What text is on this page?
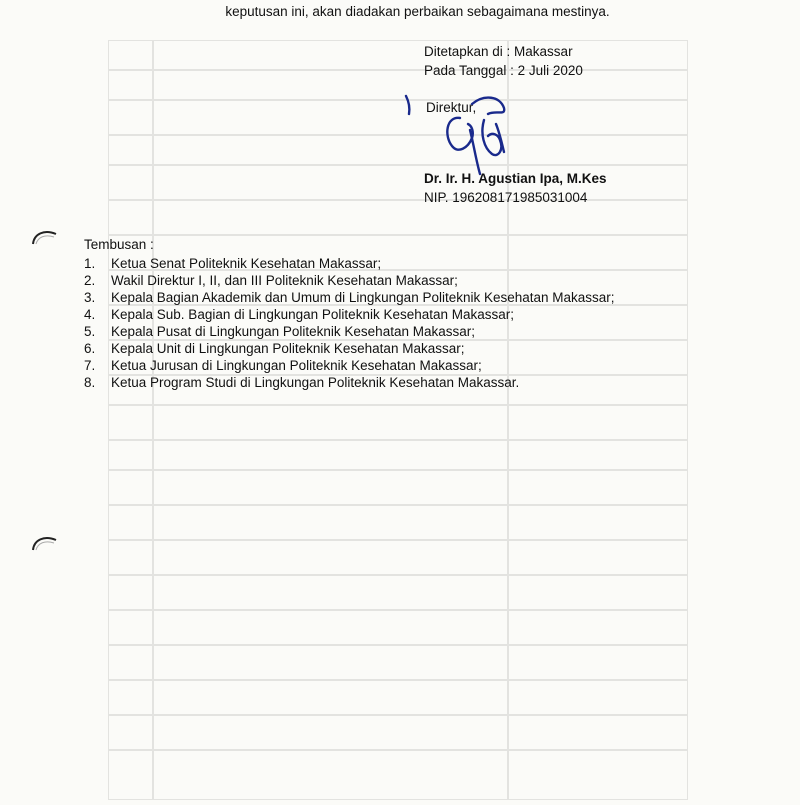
keputusan ini, akan diadakan perbaikan sebagaimana mestinya.
Ditetapkan di : Makassar
Pada Tanggal : 2 Juli 2020
Direktur,
Dr. Ir. H. Agustian Ipa, M.Kes
NIP. 196208171985031004
Tembusan :
1.	Ketua Senat Politeknik Kesehatan Makassar;
2.	Wakil Direktur I, II, dan III Politeknik Kesehatan Makassar;
3.	Kepala Bagian Akademik dan Umum di Lingkungan Politeknik Kesehatan Makassar;
4.	Kepala Sub. Bagian di Lingkungan Politeknik Kesehatan Makassar;
5.	Kepala Pusat di Lingkungan Politeknik Kesehatan Makassar;
6.	Kepala Unit di Lingkungan Politeknik Kesehatan Makassar;
7.	Ketua Jurusan di Lingkungan Politeknik Kesehatan Makassar;
8.	Ketua Program Studi di Lingkungan Politeknik Kesehatan Makassar.
